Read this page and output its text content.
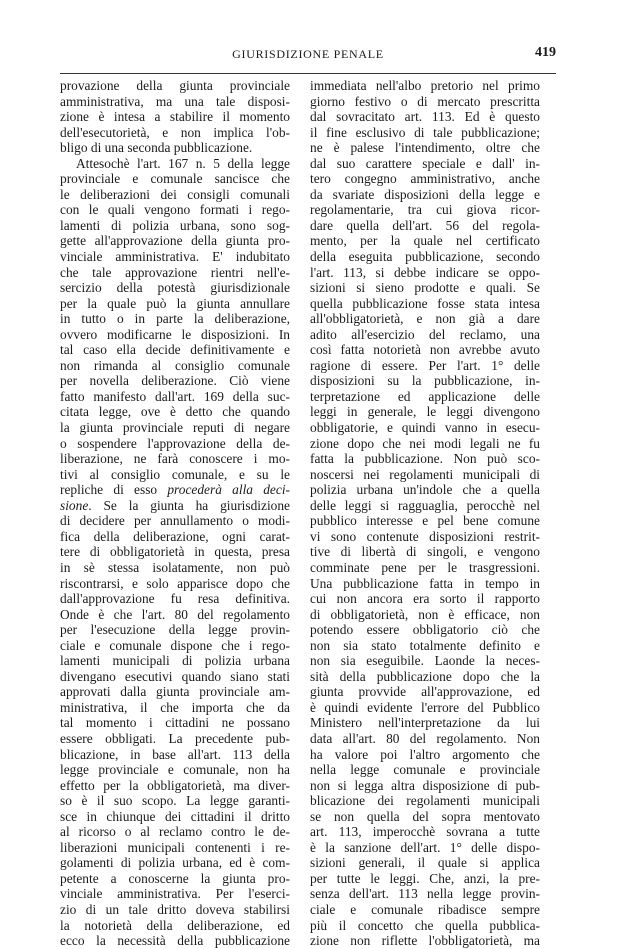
GIURISDIZIONE PENALE	419
provazione della giunta provinciale
amministrativa, ma una tale disposi-
zione è intesa a stabilire il momento
dell'esecutorietà, e non implica l'ob-
bligo di una seconda pubblicazione.
Attesochè l'art. 167 n. 5 della legge
provinciale e comunale sancisce che
le deliberazioni dei consigli comunali
con le quali vengono formati i rego-
lamenti di polizia urbana, sono sog-
gette all'approvazione della giunta pro-
vinciale amministrativa. E' indubitato
che tale approvazione rientri nell'e-
sercizio della potestà giurisdizionale
per la quale può la giunta annullare
in tutto o in parte la deliberazione,
ovvero modificarne le disposizioni. In
tal caso ella decide definitivamente e
non rimanda al consiglio comunale
per novella deliberazione. Ciò viene
fatto manifesto dall'art. 169 della suc-
citata legge, ove è detto che quando
la giunta provinciale reputi di negare
o sospendere l'approvazione della de-
liberazione, ne farà conoscere i mo-
tivi al consiglio comunale, e su le
repliche di esso procederà alla deci-
sione. Se la giunta ha giurisdizione
di decidere per annullamento o modi-
fica della deliberazione, ogni carat-
tere di obbligatorietà in questa, presa
in sè stessa isolatamente, non può
riscontrarsi, e solo apparisce dopo che
dall'approvazione fu resa definitiva.
Onde è che l'art. 80 del regolamento
per l'esecuzione della legge provin-
ciale e comunale dispone che i rego-
lamenti municipali di polizia urbana
divengano esecutivi quando siano stati
approvati dalla giunta provinciale am-
ministrativa, il che importa che da
tal momento i cittadini ne possano
essere obbligati. La precedente pub-
blicazione, in base all'art. 113 della
legge provinciale e comunale, non ha
effetto per la obbligatorietà, ma diver-
so è il suo scopo. La legge garanti-
sce in chiunque dei cittadini il dritto
al ricorso o al reclamo contro le de-
liberazioni municipali contenenti i re-
golamenti di polizia urbana, ed è com-
petente a conoscerne la giunta pro-
vinciale amministrativa. Per l'eserci-
zio di un tale dritto doveva stabilirsi
la notorietà della deliberazione, ed
ecco la necessità della pubblicazione
immediata nell'albo pretorio nel primo
giorno festivo o di mercato prescritta
dal sovracitato art. 113. Ed è questo
il fine esclusivo di tale pubblicazione;
ne è palese l'intendimento, oltre che
dal suo carattere speciale e dall' in-
tero congegno amministrativo, anche
da svariate disposizioni della legge e
regolamentarie, tra cui giova ricor-
dare quella dell'art. 56 del regola-
mento, per la quale nel certificato
della eseguita pubblicazione, secondo
l'art. 113, si debbe indicare se oppo-
sizioni si sieno prodotte e quali. Se
quella pubblicazione fosse stata intesa
all'obbligatorietà, e non già a dare
adito all'esercizio del reclamo, una
così fatta notorietà non avrebbe avuto
ragione di essere. Per l'art. 1° delle
disposizioni su la pubblicazione, in-
terpretazione ed applicazione delle
leggi in generale, le leggi divengono
obbligatorie, e quindi vanno in esecu-
zione dopo che nei modi legali ne fu
fatta la pubblicazione. Non può sco-
noscersi nei regolamenti municipali di
polizia urbana un'indole che a quella
delle leggi si ragguaglia, perocchè nel
pubblico interesse e pel bene comune
vi sono contenute disposizioni restrit-
tive di libertà di singoli, e vengono
comminate pene per le trasgressioni.
Una pubblicazione fatta in tempo in
cui non ancora era sorto il rapporto
di obbligatorietà, non è efficace, non
potendo essere obbligatorio ciò che
non sia stato totalmente definito e
non sia eseguibile. Laonde la neces-
sità della pubblicazione dopo che la
giunta provvide all'approvazione, ed
è quindi evidente l'errore del Pubblico
Ministero nell'interpretazione da lui
data all'art. 80 del regolamento. Non
ha valore poi l'altro argomento che
nella legge comunale e provinciale
non si legga altra disposizione di pub-
blicazione dei regolamenti municipali
se non quella del sopra mentovato
art. 113, imperocchè sovrana a tutte
è la sanzione dell'art. 1° delle dispo-
sizioni generali, il quale si applica
per tutte le leggi. Che, anzi, la pre-
senza dell'art. 113 nella legge provin-
ciale e comunale ribadisce sempre
più il concetto che quella pubblica-
zione non riflette l'obbligatorietà, ma
